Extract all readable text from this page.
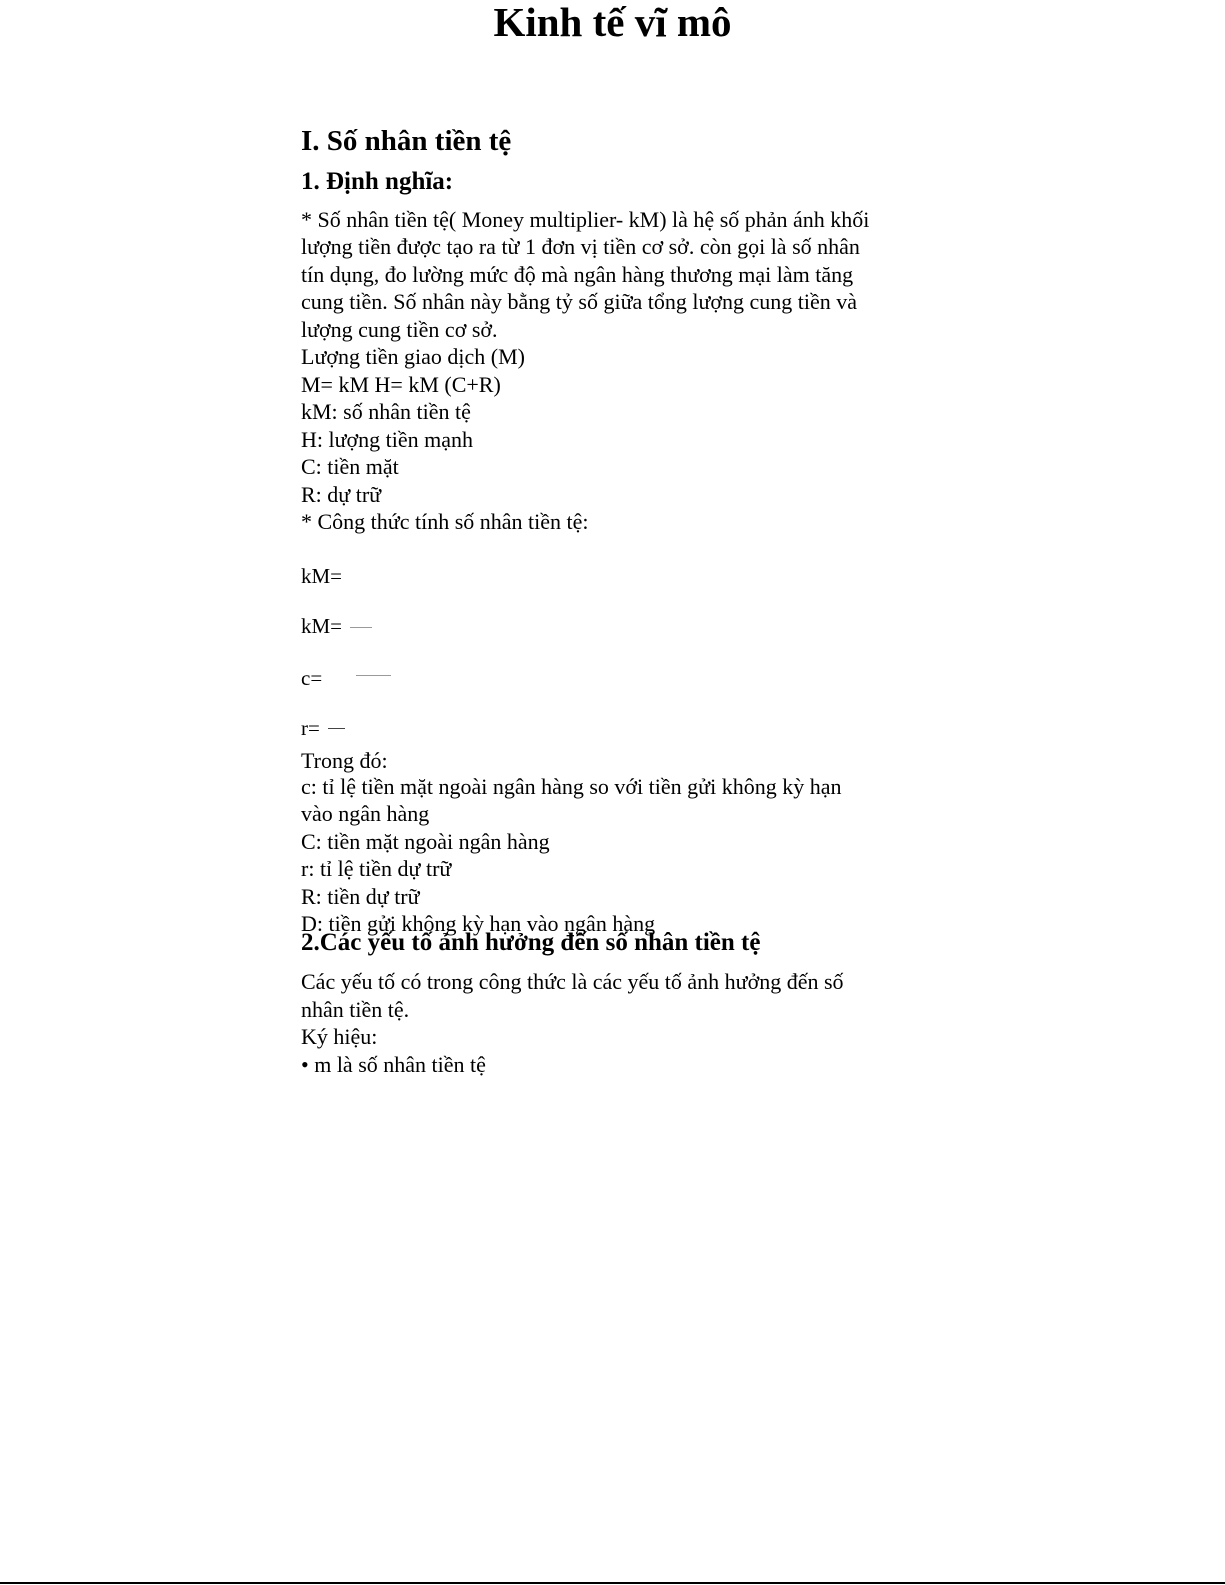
Kinh tế vĩ mô
I. Số nhân tiền tệ
1. Định nghĩa:
* Số nhân tiền tệ( Money multiplier- kM) là hệ số phản ánh khối
lượng tiền được tạo ra từ 1 đơn vị tiền cơ sở. còn gọi là số nhân
tín dụng, đo lường mức độ mà ngân hàng thương mại làm tăng
cung tiền. Số nhân này bằng tỷ số giữa tổng lượng cung tiền và
lượng cung tiền cơ sở.
Lượng tiền giao dịch (M)
M= kM H= kM (C+R)
kM: số nhân tiền tệ
H: lượng tiền mạnh
C: tiền mặt
R: dự trữ
* Công thức tính số nhân tiền tệ:
kM=
kM=
c=
r=
Trong đó:
c: tỉ lệ tiền mặt ngoài ngân hàng so với tiền gửi không kỳ hạn
vào ngân hàng
C: tiền mặt ngoài ngân hàng
r: tỉ lệ tiền dự trữ
R: tiền dự trữ
D: tiền gửi không kỳ hạn vào ngân hàng
2.Các yếu tố ảnh hưởng đến số nhân tiền tệ
Các yếu tố có trong công thức là các yếu tố ảnh hưởng đến số
nhân tiền tệ.
Ký hiệu:
• m là số nhân tiền tệ
